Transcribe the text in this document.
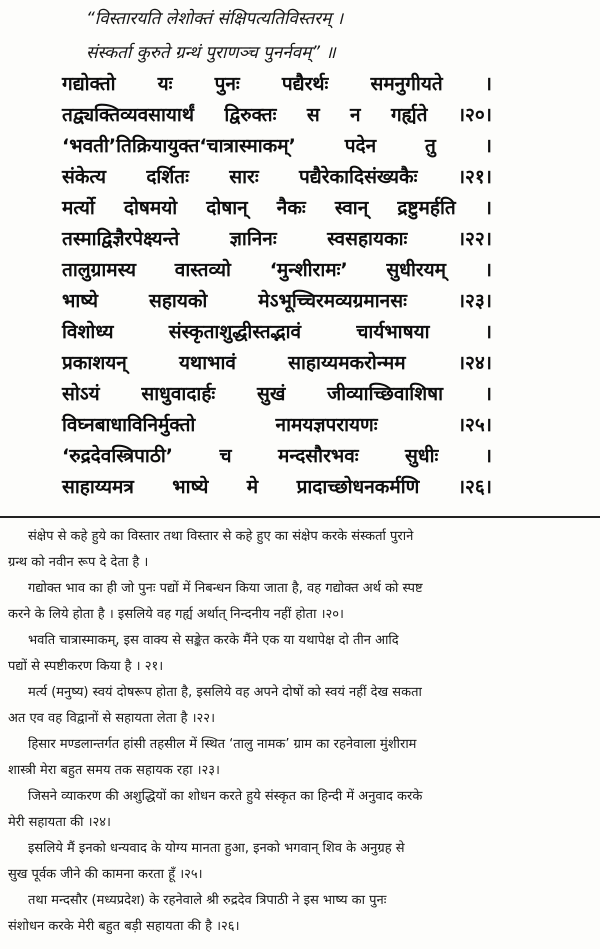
“विस्तारयति लेशोक्तं संक्षिपत्यतिविस्तरम् ।
संस्कर्ता कुरुते ग्रन्थं पुराणञ्च पुनर्नवम्” ॥
गद्योक्तो यः पुनः पद्यैरर्थः समनुगीयते ।
तद्व्यक्तिव्यवसायार्थं द्विरुक्तः स न गर्ह्यते ।२०।
‘भवती’तिक्रियायुक्त‘चात्रास्माकम्’ पदेन तु ।
संकेत्य दर्शितः सारः पद्यैरेकादिसंख्यकैः ।२१।
मर्त्यो दोषमयो दोषान् नैकः स्वान् द्रष्टुमर्हति ।
तस्माद्विज्ञैरपेक्ष्यन्ते ज्ञानिनः स्वसहायकाः ।२२।
तालुग्रामस्य वास्तव्यो ‘मुन्शीरामः’ सुधीरयम् ।
भाष्ये सहायको मेऽभूच्चिरमव्यग्रमानसः ।२३।
विशोध्य संस्कृताशुद्धीस्तद्भावं चार्यभाषया ।
प्रकाशयन् यथाभावं साहाय्यमकरोन्मम ।२४।
सोऽयं साधुवादार्हः सुखं जीव्याच्छिवाशिषा ।
विघ्नबाधाविनिर्मुक्तो नामयज्ञपरायणः ।२५।
‘रुद्रदेवस्त्रिपाठी’ च मन्दसौरभवः सुधीः ।
साहाय्यमत्र भाष्ये मे प्रादाच्छोधनकर्मणि ।२६।
संक्षेप से कहे हुये का विस्तार तथा विस्तार से कहे हुए का संक्षेप करके संस्कर्ता पुराने
ग्रन्थ को नवीन रूप दे देता है ।
गद्योक्त भाव का ही जो पुनः पद्यों में निबन्धन किया जाता है, वह गद्योक्त अर्थ को स्पष्ट
करने के लिये होता है । इसलिये वह गर्ह्य अर्थात् निन्दनीय नहीं होता ।२०।
भवति चात्रास्माकम्, इस वाक्य से सङ्केत करके मैंने एक या यथापेक्ष दो तीन आदि
पद्यों से स्पष्टीकरण किया है । २१।
मर्त्य (मनुष्य) स्वयं दोषरूप होता है, इसलिये वह अपने दोषों को स्वयं नहीं देख सकता
अत एव वह विद्वानों से सहायता लेता है ।२२।
हिसार मण्डलान्तर्गत हांसी तहसील में स्थित ‘तालु नामक’ ग्राम का रहनेवाला मुंशीराम
शास्त्री मेरा बहुत समय तक सहायक रहा ।२३।
जिसने व्याकरण की अशुद्धियों का शोधन करते हुये संस्कृत का हिन्दी में अनुवाद करके
मेरी सहायता की ।२४।
इसलिये मैं इनको धन्यवाद के योग्य मानता हुआ, इनको भगवान् शिव के अनुग्रह से
सुख पूर्वक जीने की कामना करता हूँ ।२५।
तथा मन्दसौर (मध्यप्रदेश) के रहनेवाले श्री रुद्रदेव त्रिपाठी ने इस भाष्य का पुनः
संशोधन करके मेरी बहुत बड़ी सहायता की है ।२६।
